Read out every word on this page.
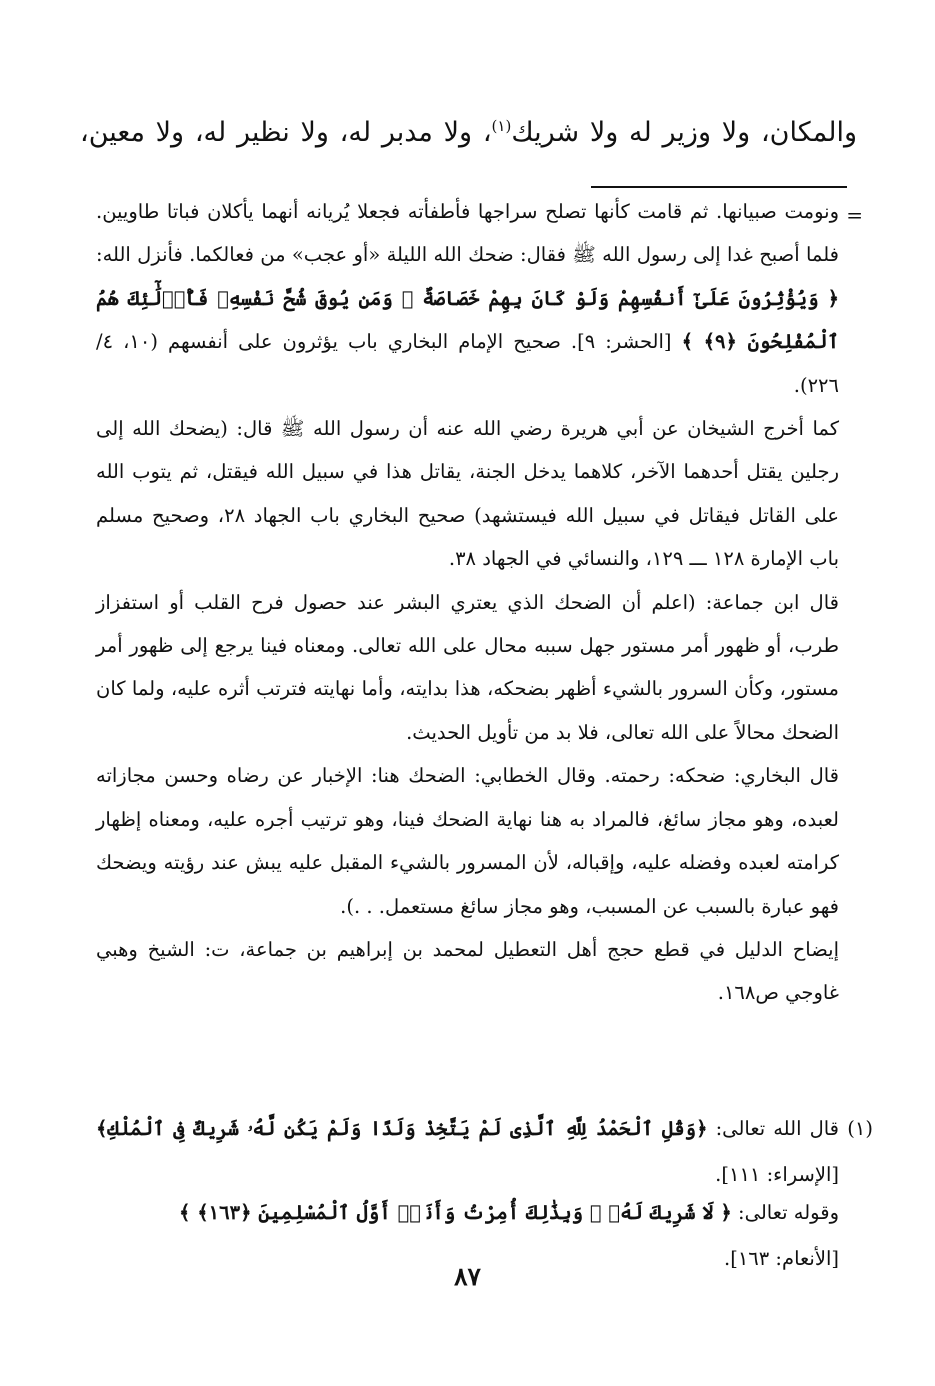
والمكان، ولا وزير له ولا شريك$^{(١)}$، ولا مدبر له، ولا نظير له، ولا معين،
=

ونومت صبيانها. ثم قامت كأنها تصلح سراجها فأطفأته فجعلا يُريانه أنهما يأكلان فباتا طاويين. فلما أصبح غدا إلى رسول الله ﷺ فقال: ضحك الله الليلة «أو عجب» من فعالكما. فأنزل الله: ﴿ وَيُؤْثِرُونَ عَلَىٰٓ أَنفُسِهِمْ وَلَوْ كَانَ بِهِمْ خَصَاصَةٌ ۚ وَمَن يُوقَ شُحَّ نَفْسِهِۦ فَأُو۟لَٰٓئِكَ هُمُ ٱلْمُفْلِحُونَ ﴿٩﴾ ﴾ [الحشر: ٩]. صحيح الإمام البخاري باب يؤثرون على أنفسهم (١٠، ٤/ ٢٢٦).

كما أخرج الشيخان عن أبي هريرة رضي الله عنه أن رسول الله ﷺ قال: (يضحك الله إلى رجلين يقتل أحدهما الآخر، كلاهما يدخل الجنة، يقاتل هذا في سبيل الله فيقتل، ثم يتوب الله على القاتل فيقاتل في سبيل الله فيستشهد) صحيح البخاري باب الجهاد ٢٨، وصحيح مسلم باب الإمارة ١٢٨ ـــ ١٢٩، والنسائي في الجهاد ٣٨.

قال ابن جماعة: (اعلم أن الضحك الذي يعتري البشر عند حصول فرح القلب أو استفزاز طرب، أو ظهور أمر مستور جهل سببه محال على الله تعالى. ومعناه فينا يرجع إلى ظهور أمر مستور، وكأن السرور بالشيء أظهر بضحكه، هذا بدايته، وأما نهايته فترتب أثره عليه، ولما كان الضحك محالاً على الله تعالى، فلا بد من تأويل الحديث.

قال البخاري: ضحكه: رحمته. وقال الخطابي: الضحك هنا: الإخبار عن رضاه وحسن مجازاته لعبده، وهو مجاز سائغ، فالمراد به هنا نهاية الضحك فينا، وهو ترتيب أجره عليه، ومعناه إظهار كرامته لعبده وفضله عليه، وإقباله، لأن المسرور بالشيء المقبل عليه يبش عند رؤيته ويضحك فهو عبارة بالسبب عن المسبب، وهو مجاز سائغ مستعمل. . .).

إيضاح الدليل في قطع حجج أهل التعطيل لمحمد بن إبراهيم بن جماعة، ت: الشيخ وهبي غاوجي ص١٦٨.

(١)

قال الله تعالى: ﴿وَقُلِ ٱلْحَمْدُ لِلَّهِ ٱلَّذِى لَمْ يَتَّخِذْ وَلَدًا وَلَمْ يَكُن لَّهُۥ شَرِيكٌ فِى ٱلْمُلْكِ﴾ [الإسراء: ١١١].

وقوله تعالى: ﴿ لَا شَرِيكَ لَهُۥ ۖ وَبِذَٰلِكَ أُمِرْتُ وَأَنَا۠ أَوَّلُ ٱلْمُسْلِمِينَ ﴿١٦٣﴾ ﴾ [الأنعام: ١٦٣].
٨٧
